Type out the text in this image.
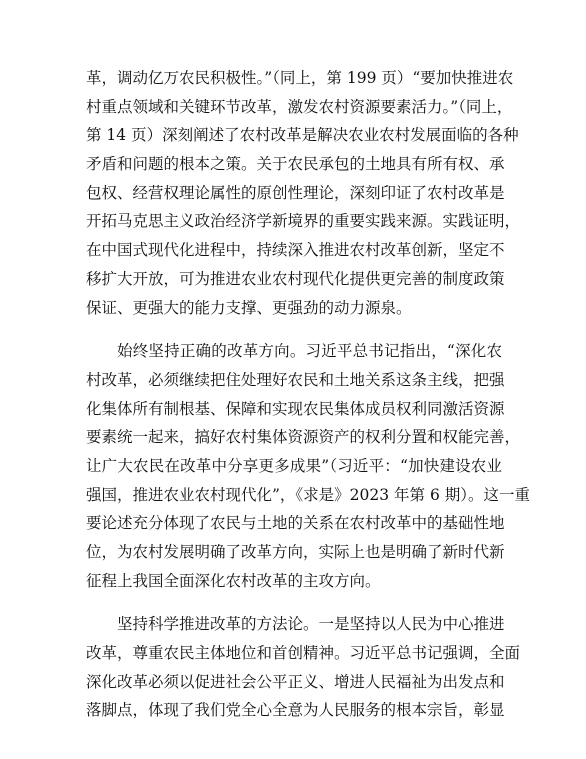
革，调动亿万农民积极性。”（同上，第 199 页）“要加快推进农
村重点领域和关键环节改革，激发农村资源要素活力。”（同上，
第 14 页）深刻阐述了农村改革是解决农业农村发展面临的各种
矛盾和问题的根本之策。关于农民承包的土地具有所有权、承
包权、经营权理论属性的原创性理论，深刻印证了农村改革是
开拓马克思主义政治经济学新境界的重要实践来源。实践证明，
在中国式现代化进程中，持续深入推进农村改革创新，坚定不
移扩大开放，可为推进农业农村现代化提供更完善的制度政策
保证、更强大的能力支撑、更强劲的动力源泉。
始终坚持正确的改革方向。习近平总书记指出，“深化农
村改革，必须继续把住处理好农民和土地关系这条主线，把强
化集体所有制根基、保障和实现农民集体成员权利同激活资源
要素统一起来，搞好农村集体资源资产的权利分置和权能完善，
让广大农民在改革中分享更多成果”（习近平：“加快建设农业
强国，推进农业农村现代化”，《求是》2023 年第 6 期）。这一重
要论述充分体现了农民与土地的关系在农村改革中的基础性地
位，为农村发展明确了改革方向，实际上也是明确了新时代新
征程上我国全面深化农村改革的主攻方向。
坚持科学推进改革的方法论。一是坚持以人民为中心推进
改革，尊重农民主体地位和首创精神。习近平总书记强调，全面
深化改革必须以促进社会公平正义、增进人民福祉为出发点和
落脚点，体现了我们党全心全意为人民服务的根本宗旨，彰显
